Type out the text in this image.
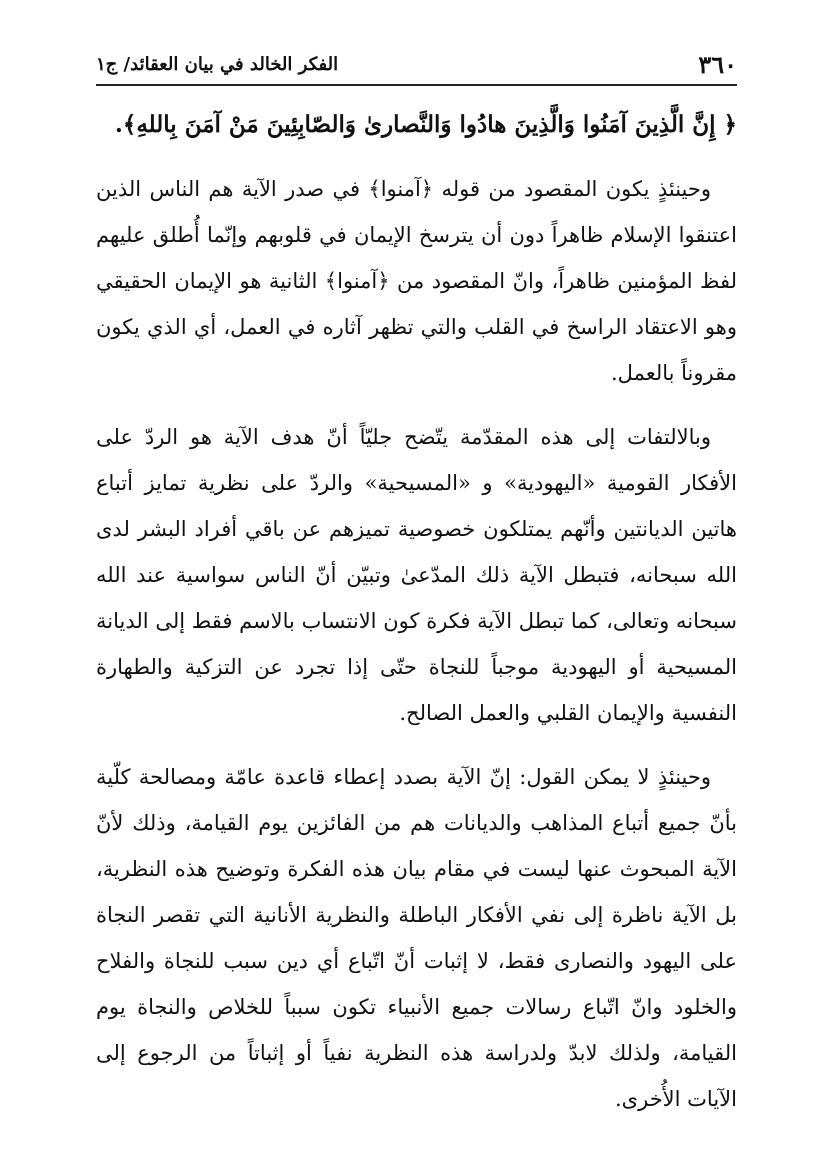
٣٦٠
الفكر الخالد في بيان العقائد/ ج١
﴿ إِنَّ الَّذِينَ آمَنُوا وَالَّذِينَ هادُوا وَالنَّصارىٰ وَالصّابِئِينَ مَنْ آمَنَ بِاللهِ﴾.

وحينئذٍ يكون المقصود من قوله ﴿آمنوا﴾ في صدر الآية هم الناس الذين اعتنقوا الإسلام ظاهراً دون أن يترسخ الإيمان في قلوبهم وإنّما أُطلق عليهم لفظ المؤمنين ظاهراً، وانّ المقصود من ﴿آمنوا﴾ الثانية هو الإيمان الحقيقي وهو الاعتقاد الراسخ في القلب والتي تظهر آثاره في العمل، أي الذي يكون مقروناً بالعمل.

وبالالتفات إلى هذه المقدّمة يتّضح جليّاً أنّ هدف الآية هو الردّ على الأفكار القومية «اليهودية» و «المسيحية» والردّ على نظرية تمايز أتباع هاتين الديانتين وأنّهم يمتلكون خصوصية تميزهم عن باقي أفراد البشر لدى الله سبحانه، فتبطل الآية ذلك المدّعىٰ وتبيّن أنّ الناس سواسية عند الله سبحانه وتعالى، كما تبطل الآية فكرة كون الانتساب بالاسم فقط إلى الديانة المسيحية أو اليهودية موجباً للنجاة حتّى إذا تجرد عن التزكية والطهارة النفسية والإيمان القلبي والعمل الصالح.

وحينئذٍ لا يمكن القول: إنّ الآية بصدد إعطاء قاعدة عامّة ومصالحة كلّية بأنّ جميع أتباع المذاهب والديانات هم من الفائزين يوم القيامة، وذلك لأنّ الآية المبحوث عنها ليست في مقام بيان هذه الفكرة وتوضيح هذه النظرية، بل الآية ناظرة إلى نفي الأفكار الباطلة والنظرية الأنانية التي تقصر النجاة على اليهود والنصارى فقط، لا إثبات أنّ اتّباع أي دين سبب للنجاة والفلاح والخلود وانّ اتّباع رسالات جميع الأنبياء تكون سبباً للخلاص والنجاة يوم القيامة، ولذلك لابدّ ولدراسة هذه النظرية نفياً أو إثباتاً من الرجوع إلى الآيات الأُخرى.
